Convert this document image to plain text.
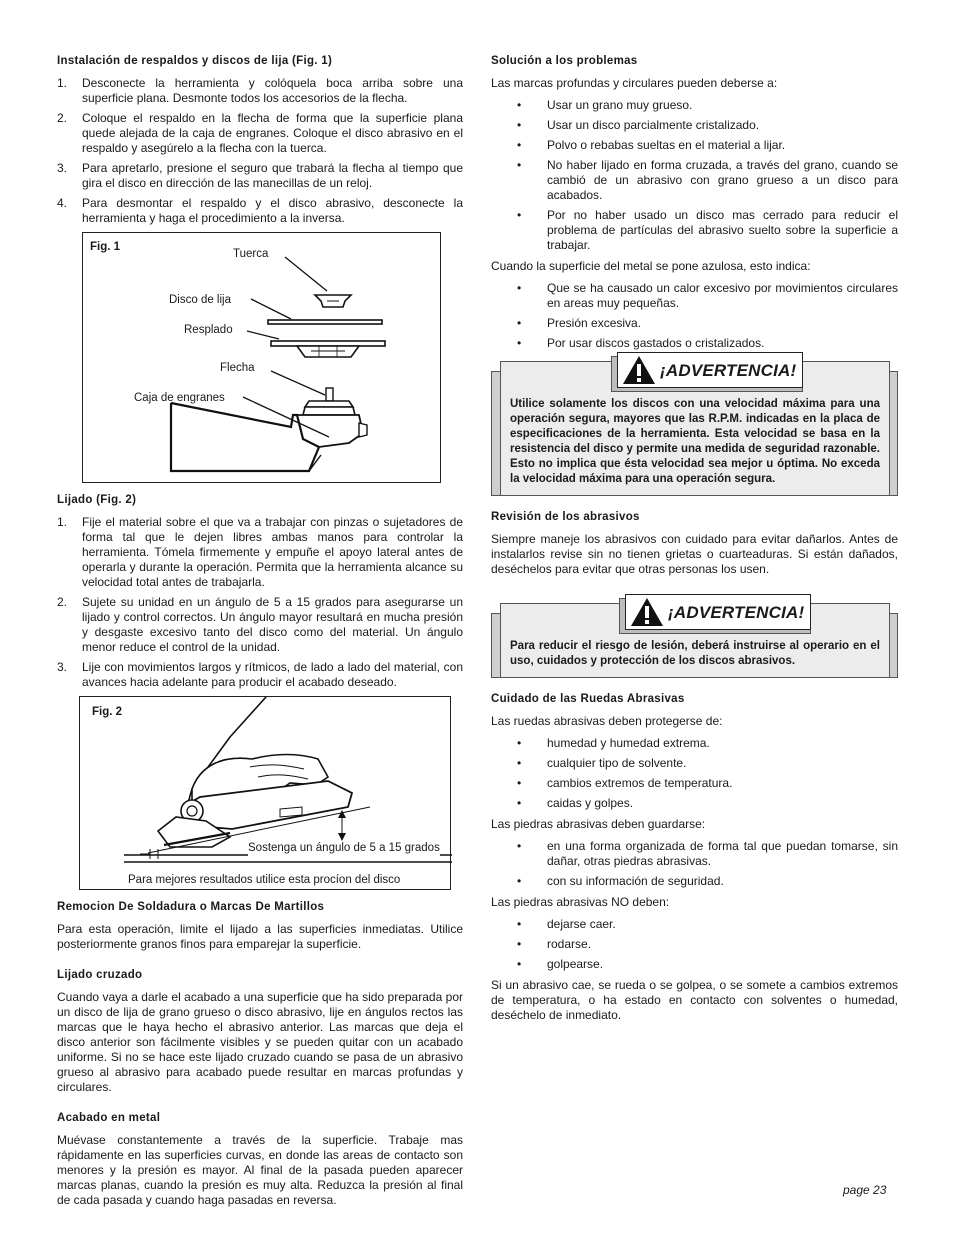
Instalación de respaldos y discos de lija (Fig. 1)
1. Desconecte la herramienta y colóquela boca arriba sobre una superficie plana. Desmonte todos los accesorios de la flecha.
2. Coloque el respaldo en la flecha de forma que la superficie plana quede alejada de la caja de engranes. Coloque el disco abrasivo en el respaldo y asegúrelo a la flecha con la tuerca.
3. Para apretarlo, presione el seguro que trabará la flecha al tiempo que gira el disco en dirección de las manecillas de un reloj.
4. Para desmontar el respaldo y el disco abrasivo, desconecte la herramienta y haga el procedimiento a la inversa.
Fig. 1
Tuerca
Disco de lija
Resplado
Flecha
Caja de engranes
Lijado (Fig. 2)
1. Fije el material sobre el que va a trabajar con pinzas o sujetadores de forma tal que le dejen libres ambas manos para controlar la herramienta. Tómela firmemente y empuñe el apoyo lateral antes de operarla y durante la operación. Permita que la herramienta alcance su velocidad total antes de trabajarla.
2. Sujete su unidad en un ángulo de 5 a 15 grados para asegurarse un lijado y control correctos. Un ángulo mayor resultará en mucha presión y desgaste excesivo tanto del disco como del material. Un ángulo menor reduce el control de la unidad.
3. Lije con movimientos largos y rítmicos, de lado a lado del material, con avances hacia adelante para producir el acabado deseado.
Fig. 2
Sostenga un ángulo de 5 a 15 grados
Para mejores resultados utilice esta procíon del disco
Remocion De Soldadura o Marcas De Martillos

Para esta operación, limite el lijado a las superficies inmediatas. Utilice posteriormente granos finos para emparejar la superficie.

Lijado cruzado

Cuando vaya a darle el acabado a una superficie que ha sido preparada por un disco de lija de grano grueso o disco abrasivo, lije en ángulos rectos las marcas que le haya hecho el abrasivo anterior. Las marcas que deja el disco anterior son fácilmente visibles y se pueden quitar con un acabado uniforme. Si no se hace este lijado cruzado cuando se pasa de un abrasivo grueso al abrasivo para acabado puede resultar en marcas profundas y circulares.

Acabado en metal

Muévase constantemente a través de la superficie. Trabaje mas rápidamente en las superficies curvas, en donde las areas de contacto son menores y la presión es mayor. Al final de la pasada pueden aparecer marcas planas, cuando la presión es muy alta. Reduzca la presión al final de cada pasada y cuando haga pasadas en reversa.

Solución a los problemas

Las marcas profundas y circulares pueden deberse a:

• Usar un grano muy grueso.
• Usar un disco parcialmente cristalizado.
• Polvo o rebabas sueltas en el material a lijar.
• No haber lijado en forma cruzada, a través del grano, cuando se cambió de un abrasivo con grano grueso a un disco para acabados.
• Por no haber usado un disco mas cerrado para reducir el problema de partículas del abrasivo suelto sobre la superficie a trabajar.

Cuando la superficie del metal se pone azulosa, esto indica:

• Que se ha causado un calor excesivo por movimientos circulares en areas muy pequeñas.
• Presión excesiva.
• Por usar discos gastados o cristalizados.
¡ADVERTENCIA!
Utilice solamente los discos con una velocidad máxima para una operación segura, mayores que las R.P.M. indicadas en la placa de especificaciones de la herramienta. Esta velocidad se basa en la resistencia del disco y permite una medida de seguridad razonable. Esto no implica que ésta velocidad sea mejor u óptima. No exceda la velocidad máxima para una operación segura.
Revisión de los abrasivos

Siempre maneje los abrasivos con cuidado para evitar dañarlos. Antes de instalarlos revise sin no tienen grietas o cuarteaduras. Si están dañados, deséchelos para evitar que otras personas los usen.

¡ADVERTENCIA!
Para reducir el riesgo de lesión, deberá instruirse al operario en el uso, cuidados y protección de los discos abrasivos.
Cuidado de las Ruedas Abrasivas

Las ruedas abrasivas deben protegerse de:

• humedad y humedad extrema.
• cualquier tipo de solvente.
• cambios extremos de temperatura.
• caidas y golpes.

Las piedras abrasivas deben guardarse:

• en una forma organizada de forma tal que puedan tomarse, sin dañar, otras piedras abrasivas.
• con su información de seguridad.

Las piedras abrasivas NO deben:

• dejarse caer.
• rodarse.
• golpearse.

Si un abrasivo cae, se rueda o se golpea, o se somete a cambios extremos de temperatura, o ha estado en contacto con solventes o humedad, deséchelo de inmediato.

page 23
